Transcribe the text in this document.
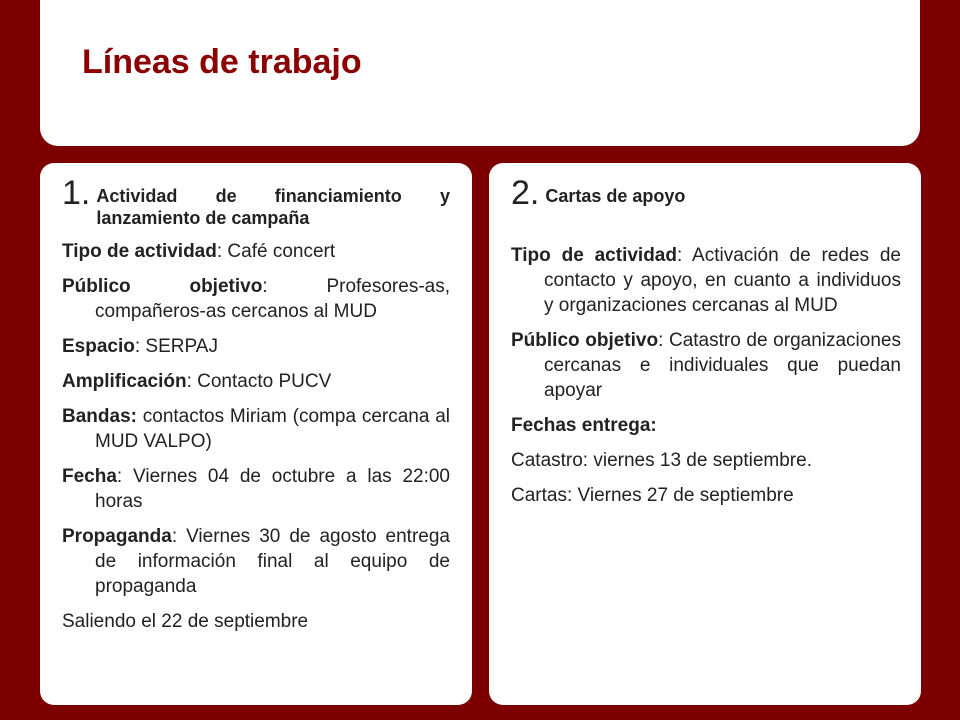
Líneas de trabajo
1. Actividad de financiamiento y lanzamiento de campaña
Tipo de actividad: Café concert
Público objetivo: Profesores-as, compañeros-as cercanos al MUD
Espacio: SERPAJ
Amplificación: Contacto PUCV
Bandas: contactos Miriam (compa cercana al MUD VALPO)
Fecha: Viernes 04 de octubre a las 22:00 horas
Propaganda: Viernes 30 de agosto entrega de información final al equipo de propaganda
Saliendo el 22 de septiembre
2. Cartas de apoyo
Tipo de actividad: Activación de redes de contacto y apoyo, en cuanto a individuos y organizaciones cercanas al MUD
Público objetivo: Catastro de organizaciones cercanas e individuales que puedan apoyar
Fechas entrega:
Catastro: viernes 13 de septiembre.
Cartas: Viernes 27 de septiembre
